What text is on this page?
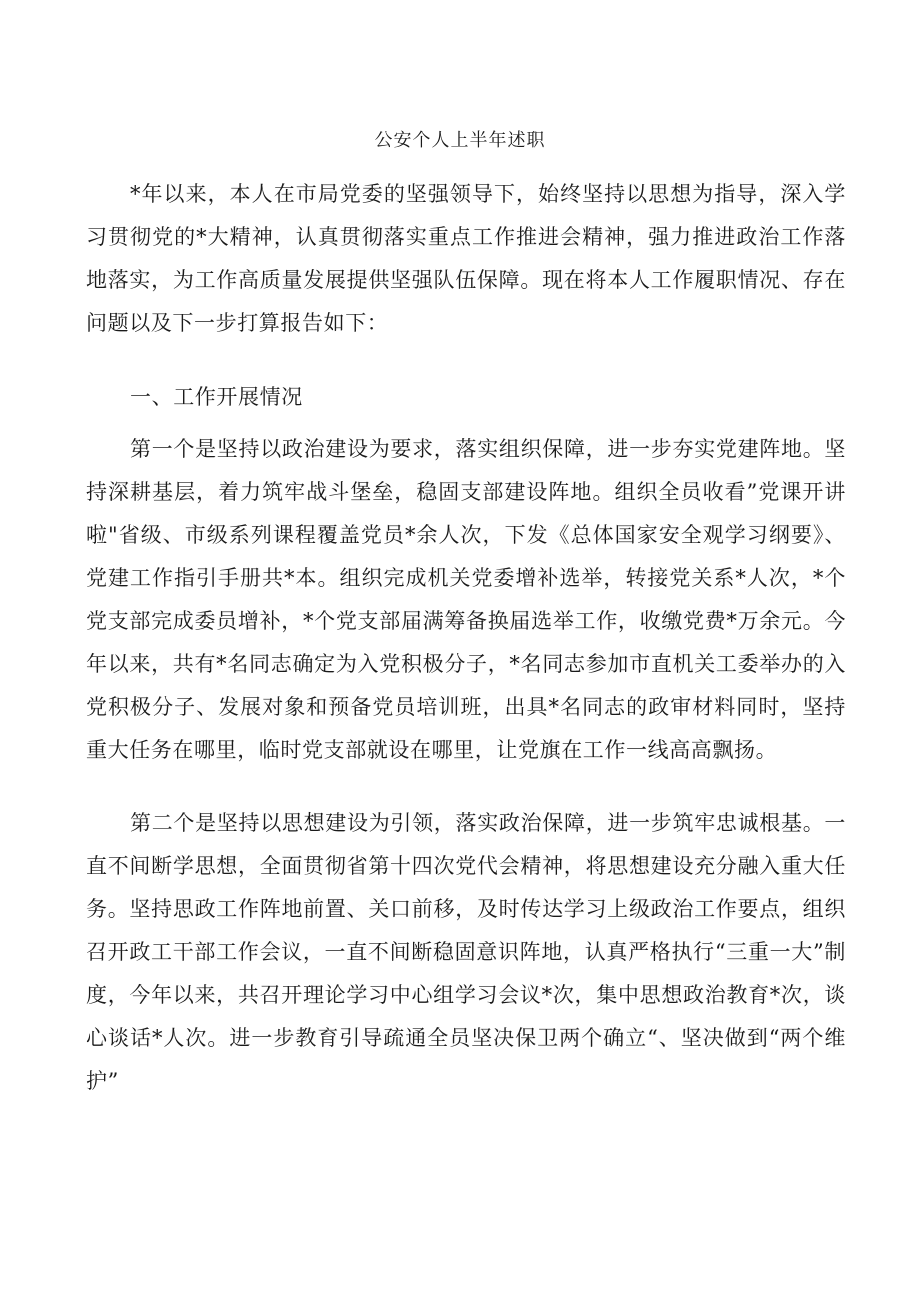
公安个人上半年述职

*年以来，本人在市局党委的坚强领导下，始终坚持以思想为指导，深入学习贯彻党的*大精神，认真贯彻落实重点工作推进会精神，强力推进政治工作落地落实，为工作高质量发展提供坚强队伍保障。现在将本人工作履职情况、存在问题以及下一步打算报告如下：

一、工作开展情况

第一个是坚持以政治建设为要求，落实组织保障，进一步夯实党建阵地。坚持深耕基层，着力筑牢战斗堡垒，稳固支部建设阵地。组织全员收看”党课开讲啦"省级、市级系列课程覆盖党员*余人次，下发《总体国家安全观学习纲要》、党建工作指引手册共*本。组织完成机关党委增补选举，转接党关系*人次，*个党支部完成委员增补，*个党支部届满筹备换届选举工作，收缴党费*万余元。今年以来，共有*名同志确定为入党积极分子，*名同志参加市直机关工委举办的入党积极分子、发展对象和预备党员培训班，出具*名同志的政审材料同时，坚持重大任务在哪里，临时党支部就设在哪里，让党旗在工作一线高高飘扬。

第二个是坚持以思想建设为引领，落实政治保障，进一步筑牢忠诚根基。一直不间断学思想，全面贯彻省第十四次党代会精神，将思想建设充分融入重大任务。坚持思政工作阵地前置、关口前移，及时传达学习上级政治工作要点，组织召开政工干部工作会议，一直不间断稳固意识阵地，认真严格执行“三重一大”制度，今年以来，共召开理论学习中心组学习会议*次，集中思想政治教育*次，谈心谈话*人次。进一步教育引导疏通全员坚决保卫两个确立“、坚决做到“两个维护”
